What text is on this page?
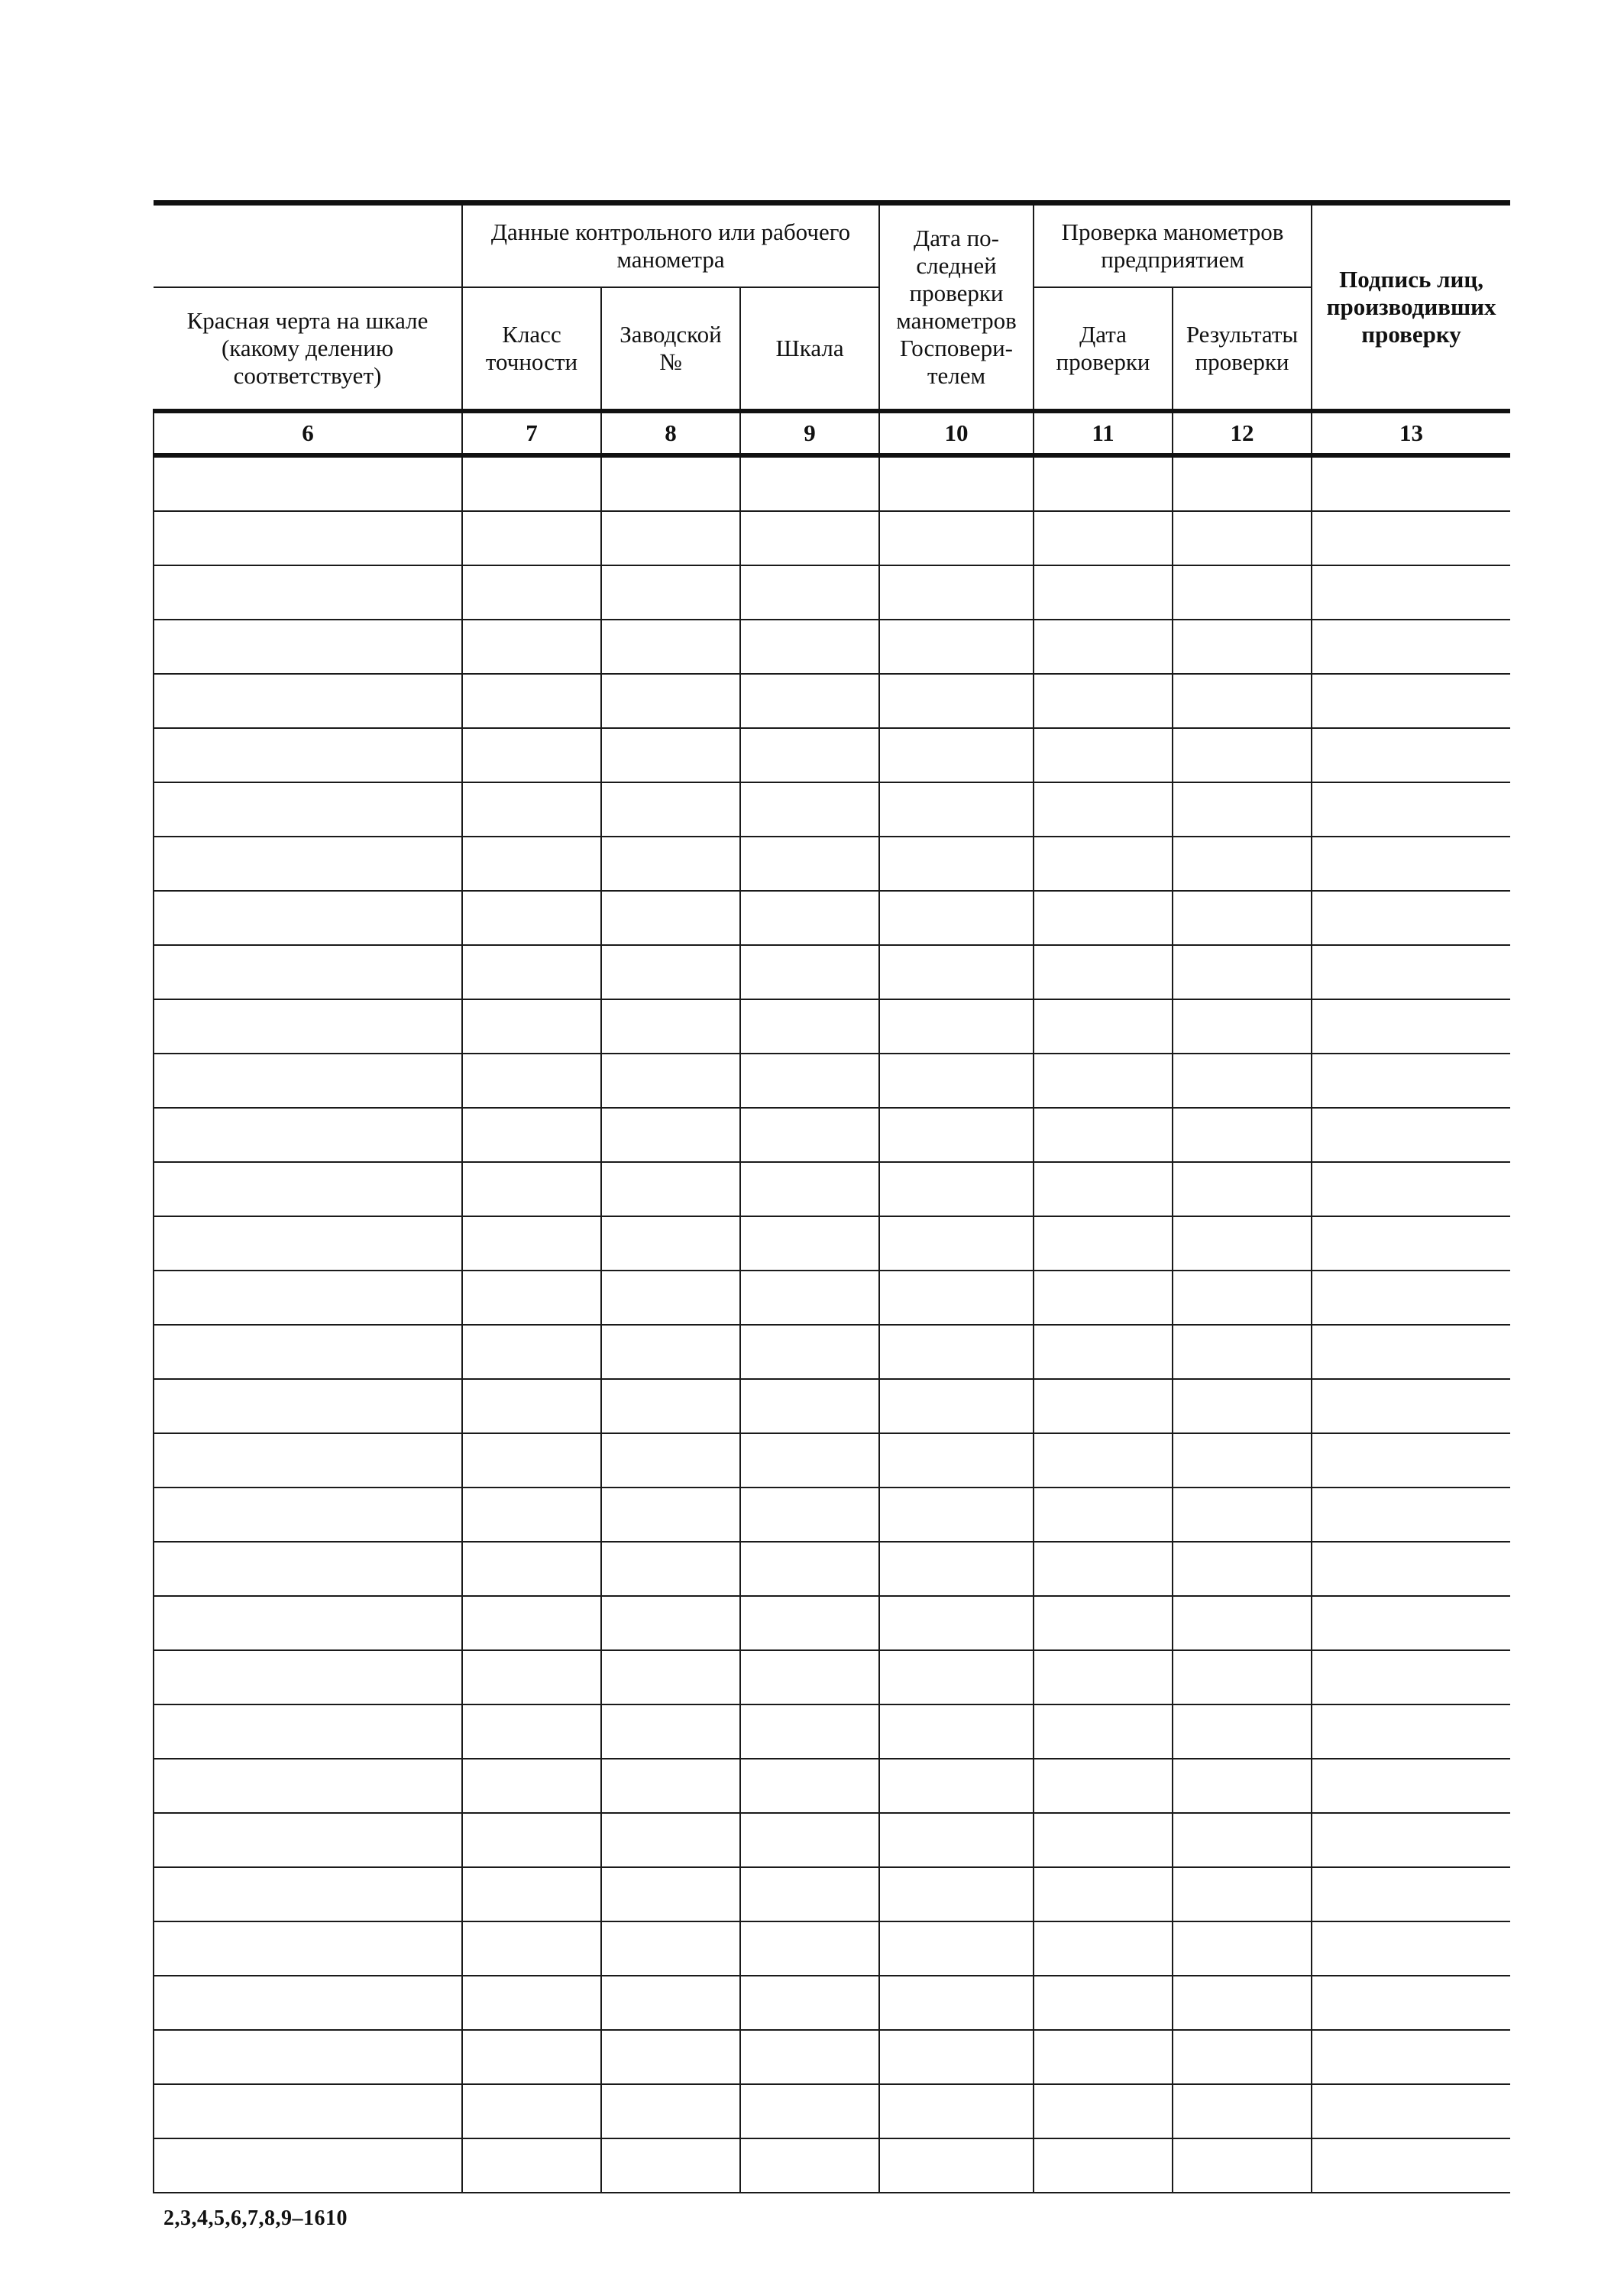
	Данные контрольного или рабочего манометра			Дата по-следней проверки манометров Госповери-телем	Проверка манометров предприятием		Подпись лиц, производивших проверку
Красная черта на шкале (какому делению соответствует)	Класс точности	Заводской №	Шкала		Дата проверки	Результаты проверки	
6	7	8	9	10	11	12	13

2,3,4,5,6,7,8,9–1610
